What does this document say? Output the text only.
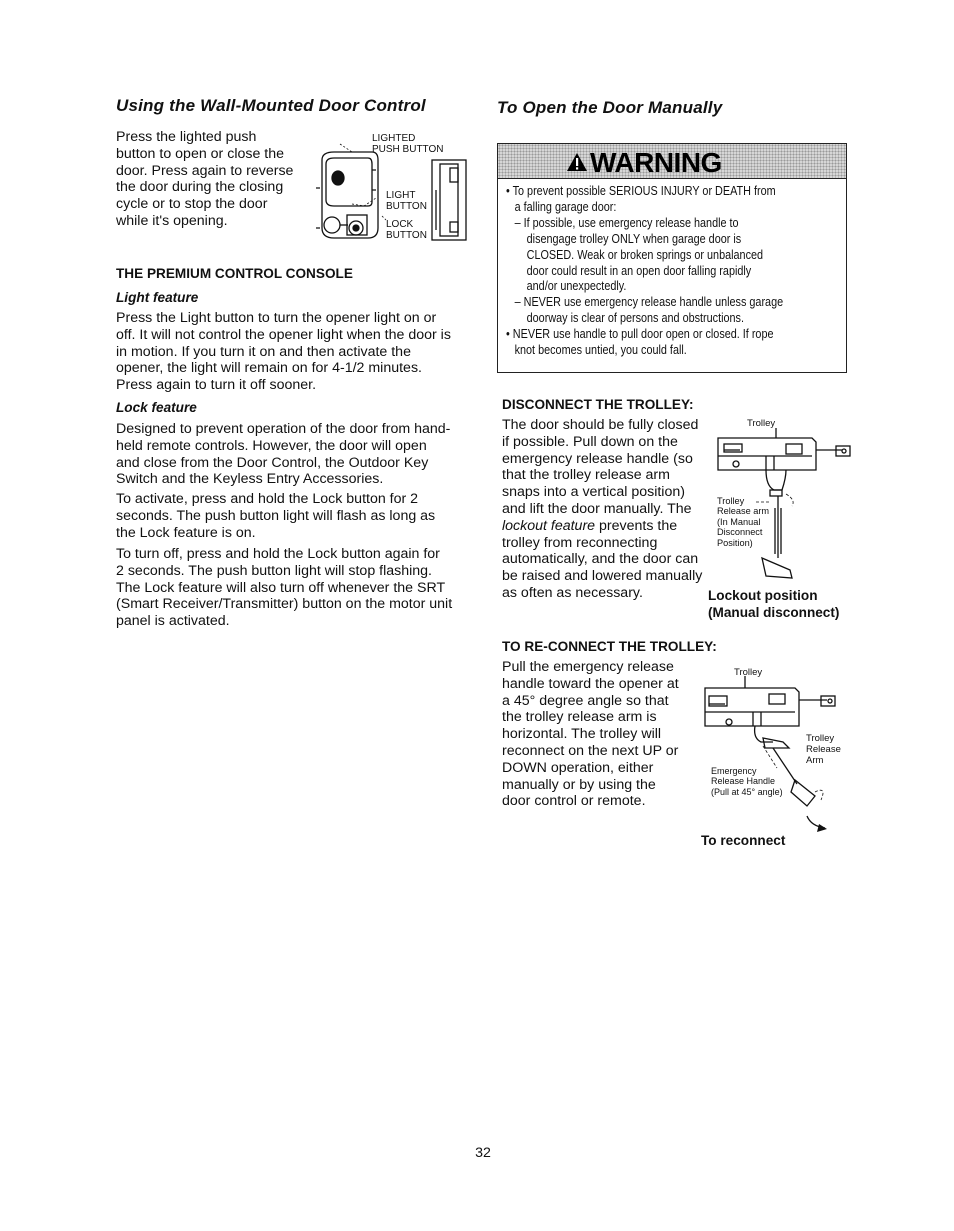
Using the Wall-Mounted Door Control

Press the lighted push

button to open or close the

door. Press again to reverse

the door during the closing

cycle or to stop the door

while it's opening.

LIGHTED
PUSH BUTTON
LIGHT
BUTTON
LOCK
BUTTON
THE PREMIUM CONTROL CONSOLE
Light feature

Press the Light button to turn the opener light on or

off. It will not control the opener light when the door is

in motion. If you turn it on and then activate the

opener, the light will remain on for 4-1/2 minutes.

Press again to turn it off sooner.

Lock feature

Designed to prevent operation of the door from hand-

held remote controls. However, the door will open

and close from the Door Control, the Outdoor Key

Switch and the Keyless Entry Accessories.

To activate, press and hold the Lock button for 2

seconds. The push button light will flash as long as

the Lock feature is on.

To turn off, press and hold the Lock button again for

2 seconds. The push button light will stop flashing.

The Lock feature will also turn off whenever the SRT

(Smart Receiver/Transmitter) button on the motor unit

panel is activated.

To Open the Door Manually
WARNING
• To prevent possible SERIOUS INJURY or DEATH from
a falling garage door:
– If possible, use emergency release handle to
disengage trolley ONLY when garage door is
CLOSED. Weak or broken springs or unbalanced
door could result in an open door falling rapidly
and/or unexpectedly.
– NEVER use emergency release handle unless garage
doorway is clear of persons and obstructions.
• NEVER use handle to pull door open or closed. If rope
knot becomes untied, you could fall.
DISCONNECT THE TROLLEY:

The door should be fully closed

if possible. Pull down on the

emergency release handle (so

that the trolley release arm

snaps into a vertical position)

and lift the door manually. The

lockout feature prevents the

trolley from reconnecting

automatically, and the door can

be raised and lowered manually

as often as necessary.

Trolley
Trolley
Release arm
(In Manual
Disconnect
Position)
Lockout position
(Manual disconnect)
TO RE-CONNECT THE TROLLEY:

Pull the emergency release

handle toward the opener at

a 45° degree angle so that

the trolley release arm is

horizontal. The trolley will

reconnect on the next UP or

DOWN operation, either

manually or by using the

door control or remote.

Trolley
Trolley
Release
Arm
Emergency
Release Handle
(Pull at 45° angle)
To reconnect
32
